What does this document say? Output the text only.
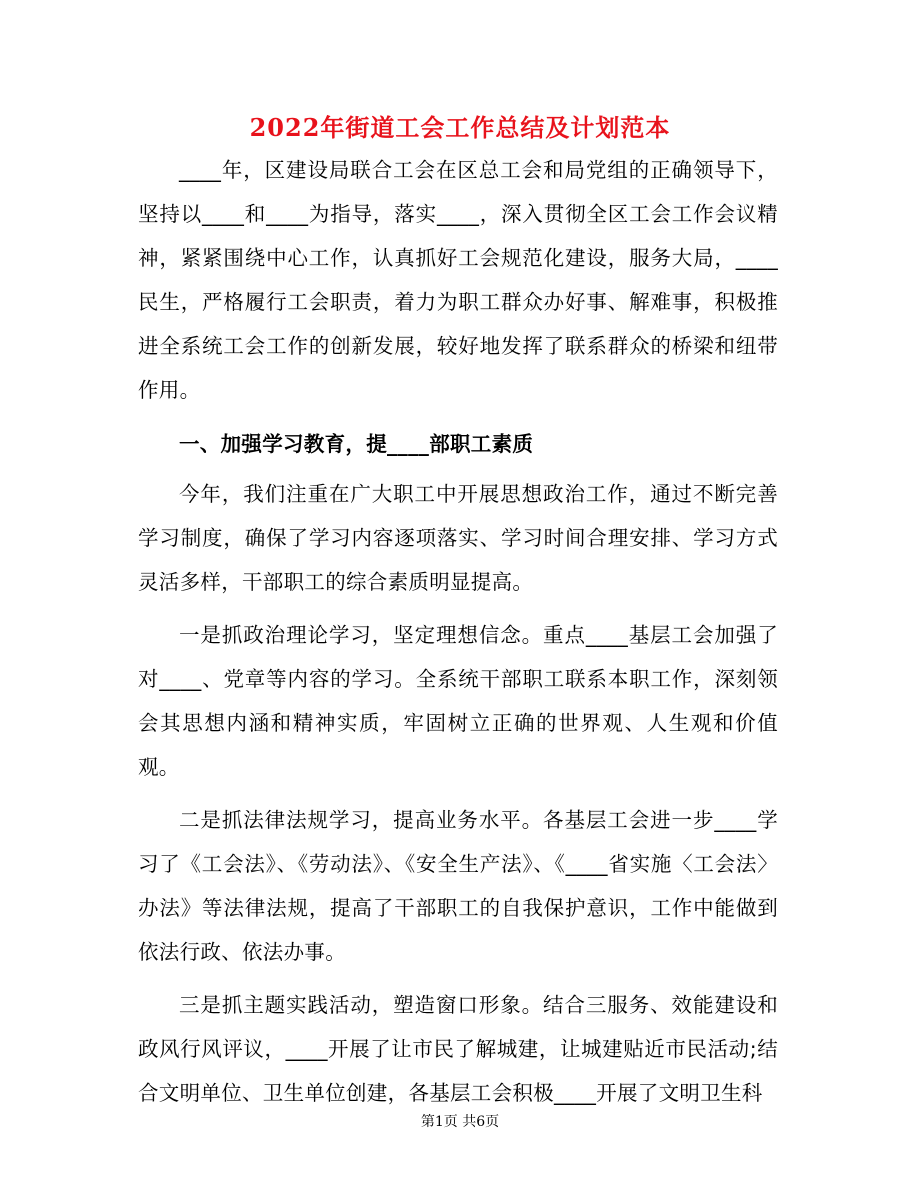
2022年街道工会工作总结及计划范本

____年，区建设局联合工会在区总工会和局党组的正确领导下，坚持以____和____为指导，落实____，深入贯彻全区工会工作会议精神，紧紧围绕中心工作，认真抓好工会规范化建设，服务大局，____民生，严格履行工会职责，着力为职工群众办好事、解难事，积极推进全系统工会工作的创新发展，较好地发挥了联系群众的桥梁和纽带作用。

一、加强学习教育，提____部职工素质

今年，我们注重在广大职工中开展思想政治工作，通过不断完善学习制度，确保了学习内容逐项落实、学习时间合理安排、学习方式灵活多样，干部职工的综合素质明显提高。

一是抓政治理论学习，坚定理想信念。重点____基层工会加强了对____、党章等内容的学习。全系统干部职工联系本职工作，深刻领会其思想内涵和精神实质，牢固树立正确的世界观、人生观和价值观。

二是抓法律法规学习，提高业务水平。各基层工会进一步____学习了《工会法》、《劳动法》、《安全生产法》、《____省实施〈工会法〉办法》等法律法规，提高了干部职工的自我保护意识，工作中能做到依法行政、依法办事。

三是抓主题实践活动，塑造窗口形象。结合三服务、效能建设和政风行风评议，____开展了让市民了解城建，让城建贴近市民活动;结合文明单位、卫生单位创建，各基层工会积极____开展了文明卫生科

第1页 共6页
